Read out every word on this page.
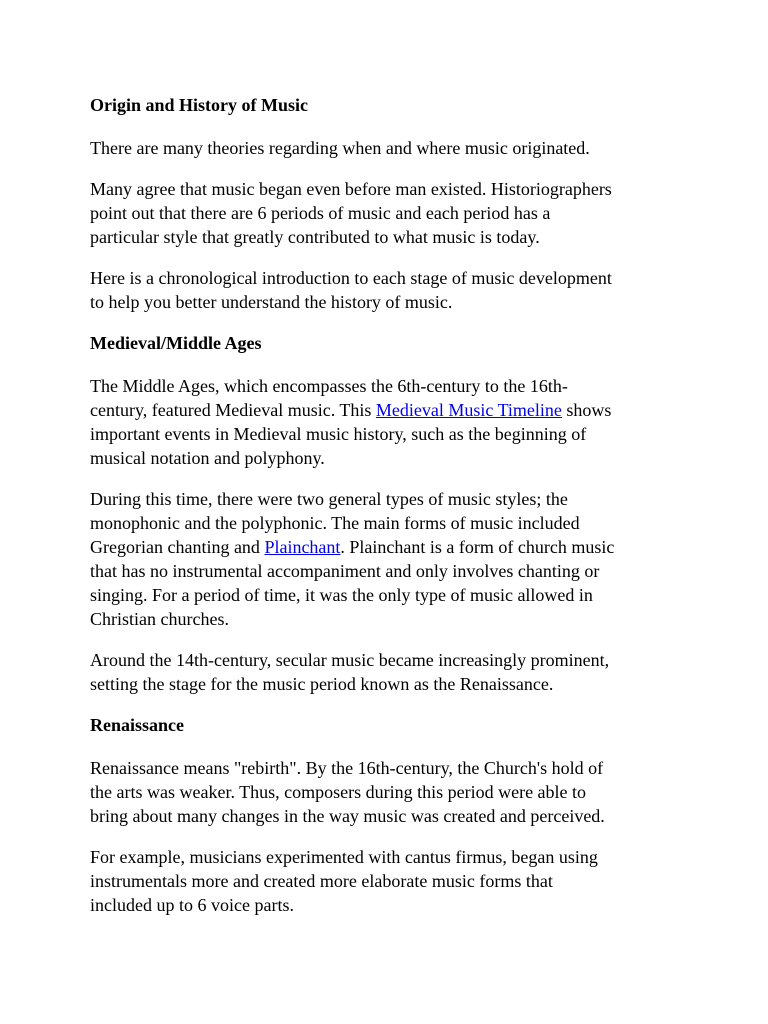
Origin and History of Music
There are many theories regarding when and where music originated.
Many agree that music began even before man existed. Historiographers
point out that there are 6 periods of music and each period has a
particular style that greatly contributed to what music is today.
Here is a chronological introduction to each stage of music development
to help you better understand the history of music.
Medieval/Middle Ages
The Middle Ages, which encompasses the 6th-century to the 16th-
century, featured Medieval music. This Medieval Music Timeline shows
important events in Medieval music history, such as the beginning of
musical notation and polyphony.
During this time, there were two general types of music styles; the
monophonic and the polyphonic. The main forms of music included
Gregorian chanting and Plainchant. Plainchant is a form of church music
that has no instrumental accompaniment and only involves chanting or
singing. For a period of time, it was the only type of music allowed in
Christian churches.
Around the 14th-century, secular music became increasingly prominent,
setting the stage for the music period known as the Renaissance.
Renaissance
Renaissance means "rebirth". By the 16th-century, the Church's hold of
the arts was weaker. Thus, composers during this period were able to
bring about many changes in the way music was created and perceived.
For example, musicians experimented with cantus firmus, began using
instrumentals more and created more elaborate music forms that
included up to 6 voice parts.
